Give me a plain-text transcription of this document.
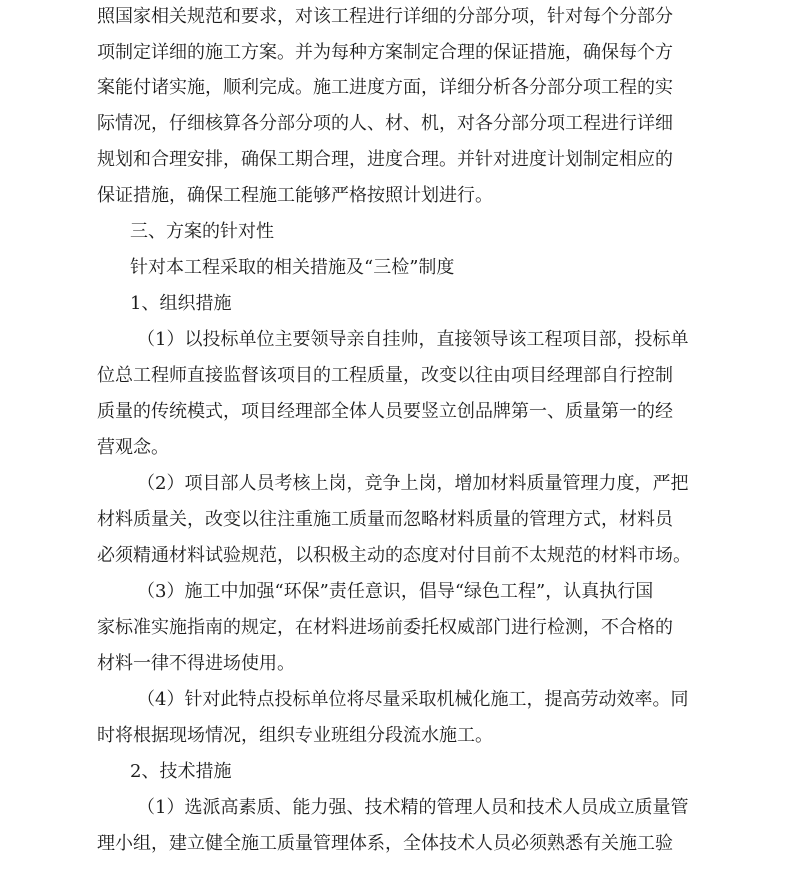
照国家相关规范和要求，对该工程进行详细的分部分项，针对每个分部分
项制定详细的施工方案。并为每种方案制定合理的保证措施，确保每个方
案能付诸实施，顺利完成。施工进度方面，详细分析各分部分项工程的实
际情况，仔细核算各分部分项的人、材、机，对各分部分项工程进行详细
规划和合理安排，确保工期合理，进度合理。并针对进度计划制定相应的
保证措施，确保工程施工能够严格按照计划进行。
三、方案的针对性
针对本工程采取的相关措施及“三检”制度
1、组织措施
（1）以投标单位主要领导亲自挂帅，直接领导该工程项目部，投标单
位总工程师直接监督该项目的工程质量，改变以往由项目经理部自行控制
质量的传统模式，项目经理部全体人员要竖立创品牌第一、质量第一的经
营观念。
（2）项目部人员考核上岗，竞争上岗，增加材料质量管理力度，严把
材料质量关，改变以往注重施工质量而忽略材料质量的管理方式，材料员
必须精通材料试验规范，以积极主动的态度对付目前不太规范的材料市场。
（3）施工中加强“环保”责任意识，倡导“绿色工程”，认真执行国
家标准实施指南的规定，在材料进场前委托权威部门进行检测，不合格的
材料一律不得进场使用。
（4）针对此特点投标单位将尽量采取机械化施工，提高劳动效率。同
时将根据现场情况，组织专业班组分段流水施工。
2、技术措施
（1）选派高素质、能力强、技术精的管理人员和技术人员成立质量管
理小组，建立健全施工质量管理体系，全体技术人员必须熟悉有关施工验
